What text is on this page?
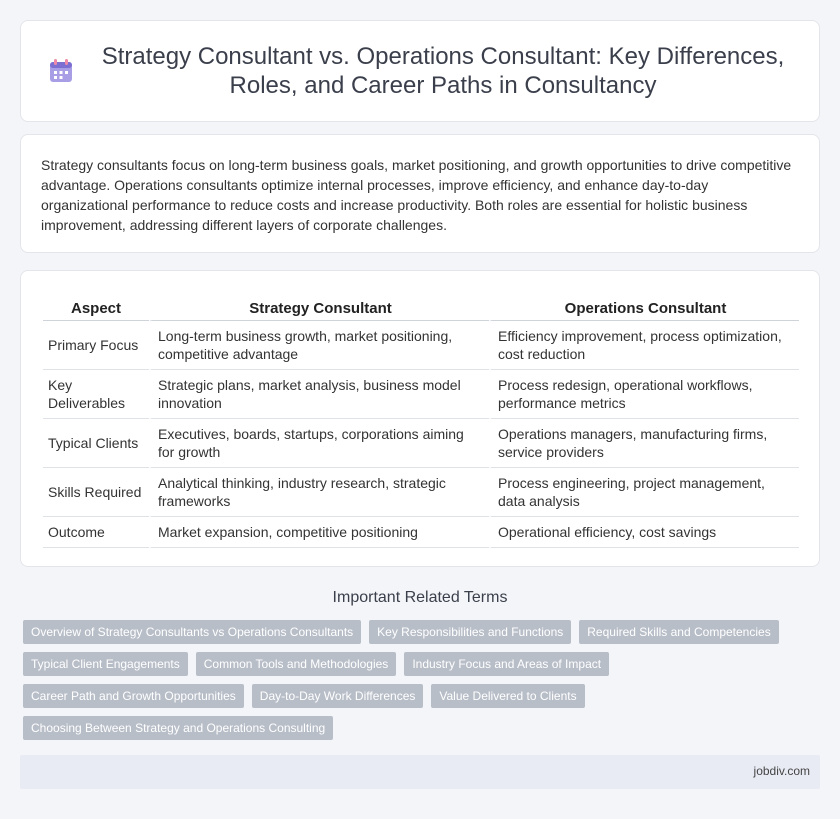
Strategy Consultant vs. Operations Consultant: Key Differences, Roles, and Career Paths in Consultancy

Strategy consultants focus on long-term business goals, market positioning, and growth opportunities to drive competitive advantage. Operations consultants optimize internal processes, improve efficiency, and enhance day-to-day organizational performance to reduce costs and increase productivity. Both roles are essential for holistic business improvement, addressing different layers of corporate challenges.

Aspect	Strategy Consultant	Operations Consultant
Primary Focus	Long-term business growth, market positioning, competitive advantage	Efficiency improvement, process optimization, cost reduction
Key Deliverables	Strategic plans, market analysis, business model innovation	Process redesign, operational workflows, performance metrics
Typical Clients	Executives, boards, startups, corporations aiming for growth	Operations managers, manufacturing firms, service providers
Skills Required	Analytical thinking, industry research, strategic frameworks	Process engineering, project management, data analysis
Outcome	Market expansion, competitive positioning	Operational efficiency, cost savings
Important Related Terms
Overview of Strategy Consultants vs Operations Consultants	Key Responsibilities and Functions	Required Skills and Competencies
Typical Client Engagements	Common Tools and Methodologies	Industry Focus and Areas of Impact
Career Path and Growth Opportunities	Day-to-Day Work Differences	Value Delivered to Clients
Choosing Between Strategy and Operations Consulting
jobdiv.com
